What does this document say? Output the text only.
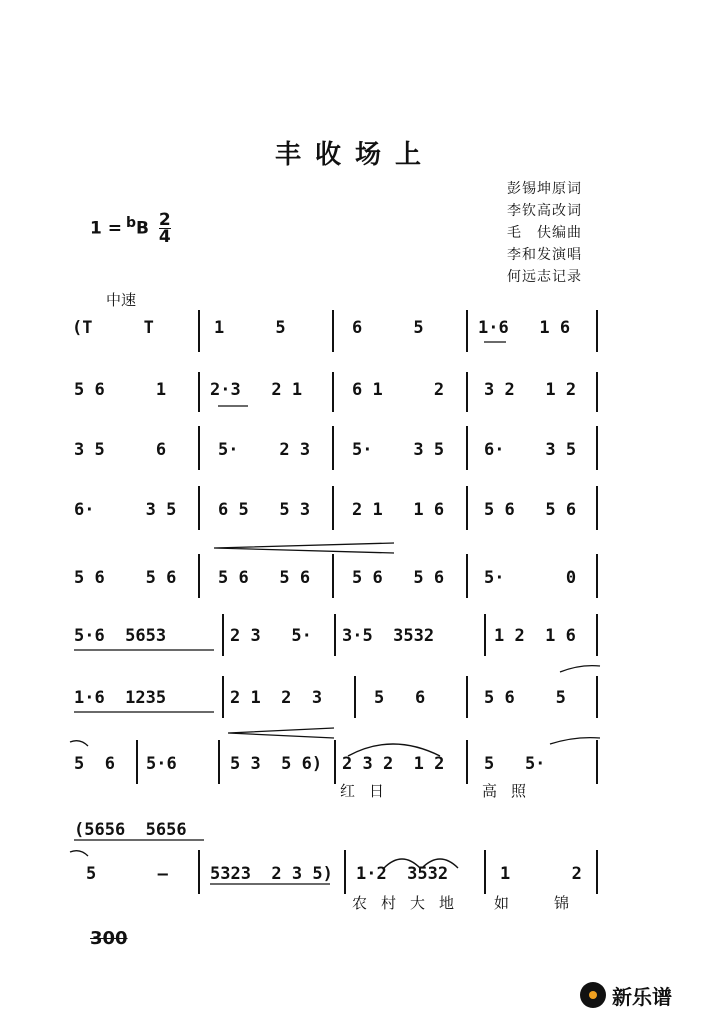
丰收场上
彭锡坤原词
李钦高改词
毛　伕编曲
李和发演唱
何远志记录
$1 = ^bB \frac{2}{4}$
中速
(T     T	1     5	6     5	1·6   1 6
5 6     1	2·3   2 1	6 1     2 3 2   1 2
3 5     6	5·    2 3 5·    3 5 6·    3 5
6·     3 5 6 5   5 3 2 1   1 6 5 6   5 6
5 6    5 6 5 6   5 6 5 6   5 6 5·      0
5·6  5653	2 3   5· 3·5  3532	1 2  1 6
1·6  1235	2 1  2  3	5   6	5 6    5
5  6 5·6	5 3  5 6) 2 3 2  1 2 5   5·
红日	高照
(5656  5656
5      — 5323  2 3 5) 1·2  3532	1      2
农村大地 如 锦
300
新乐谱
